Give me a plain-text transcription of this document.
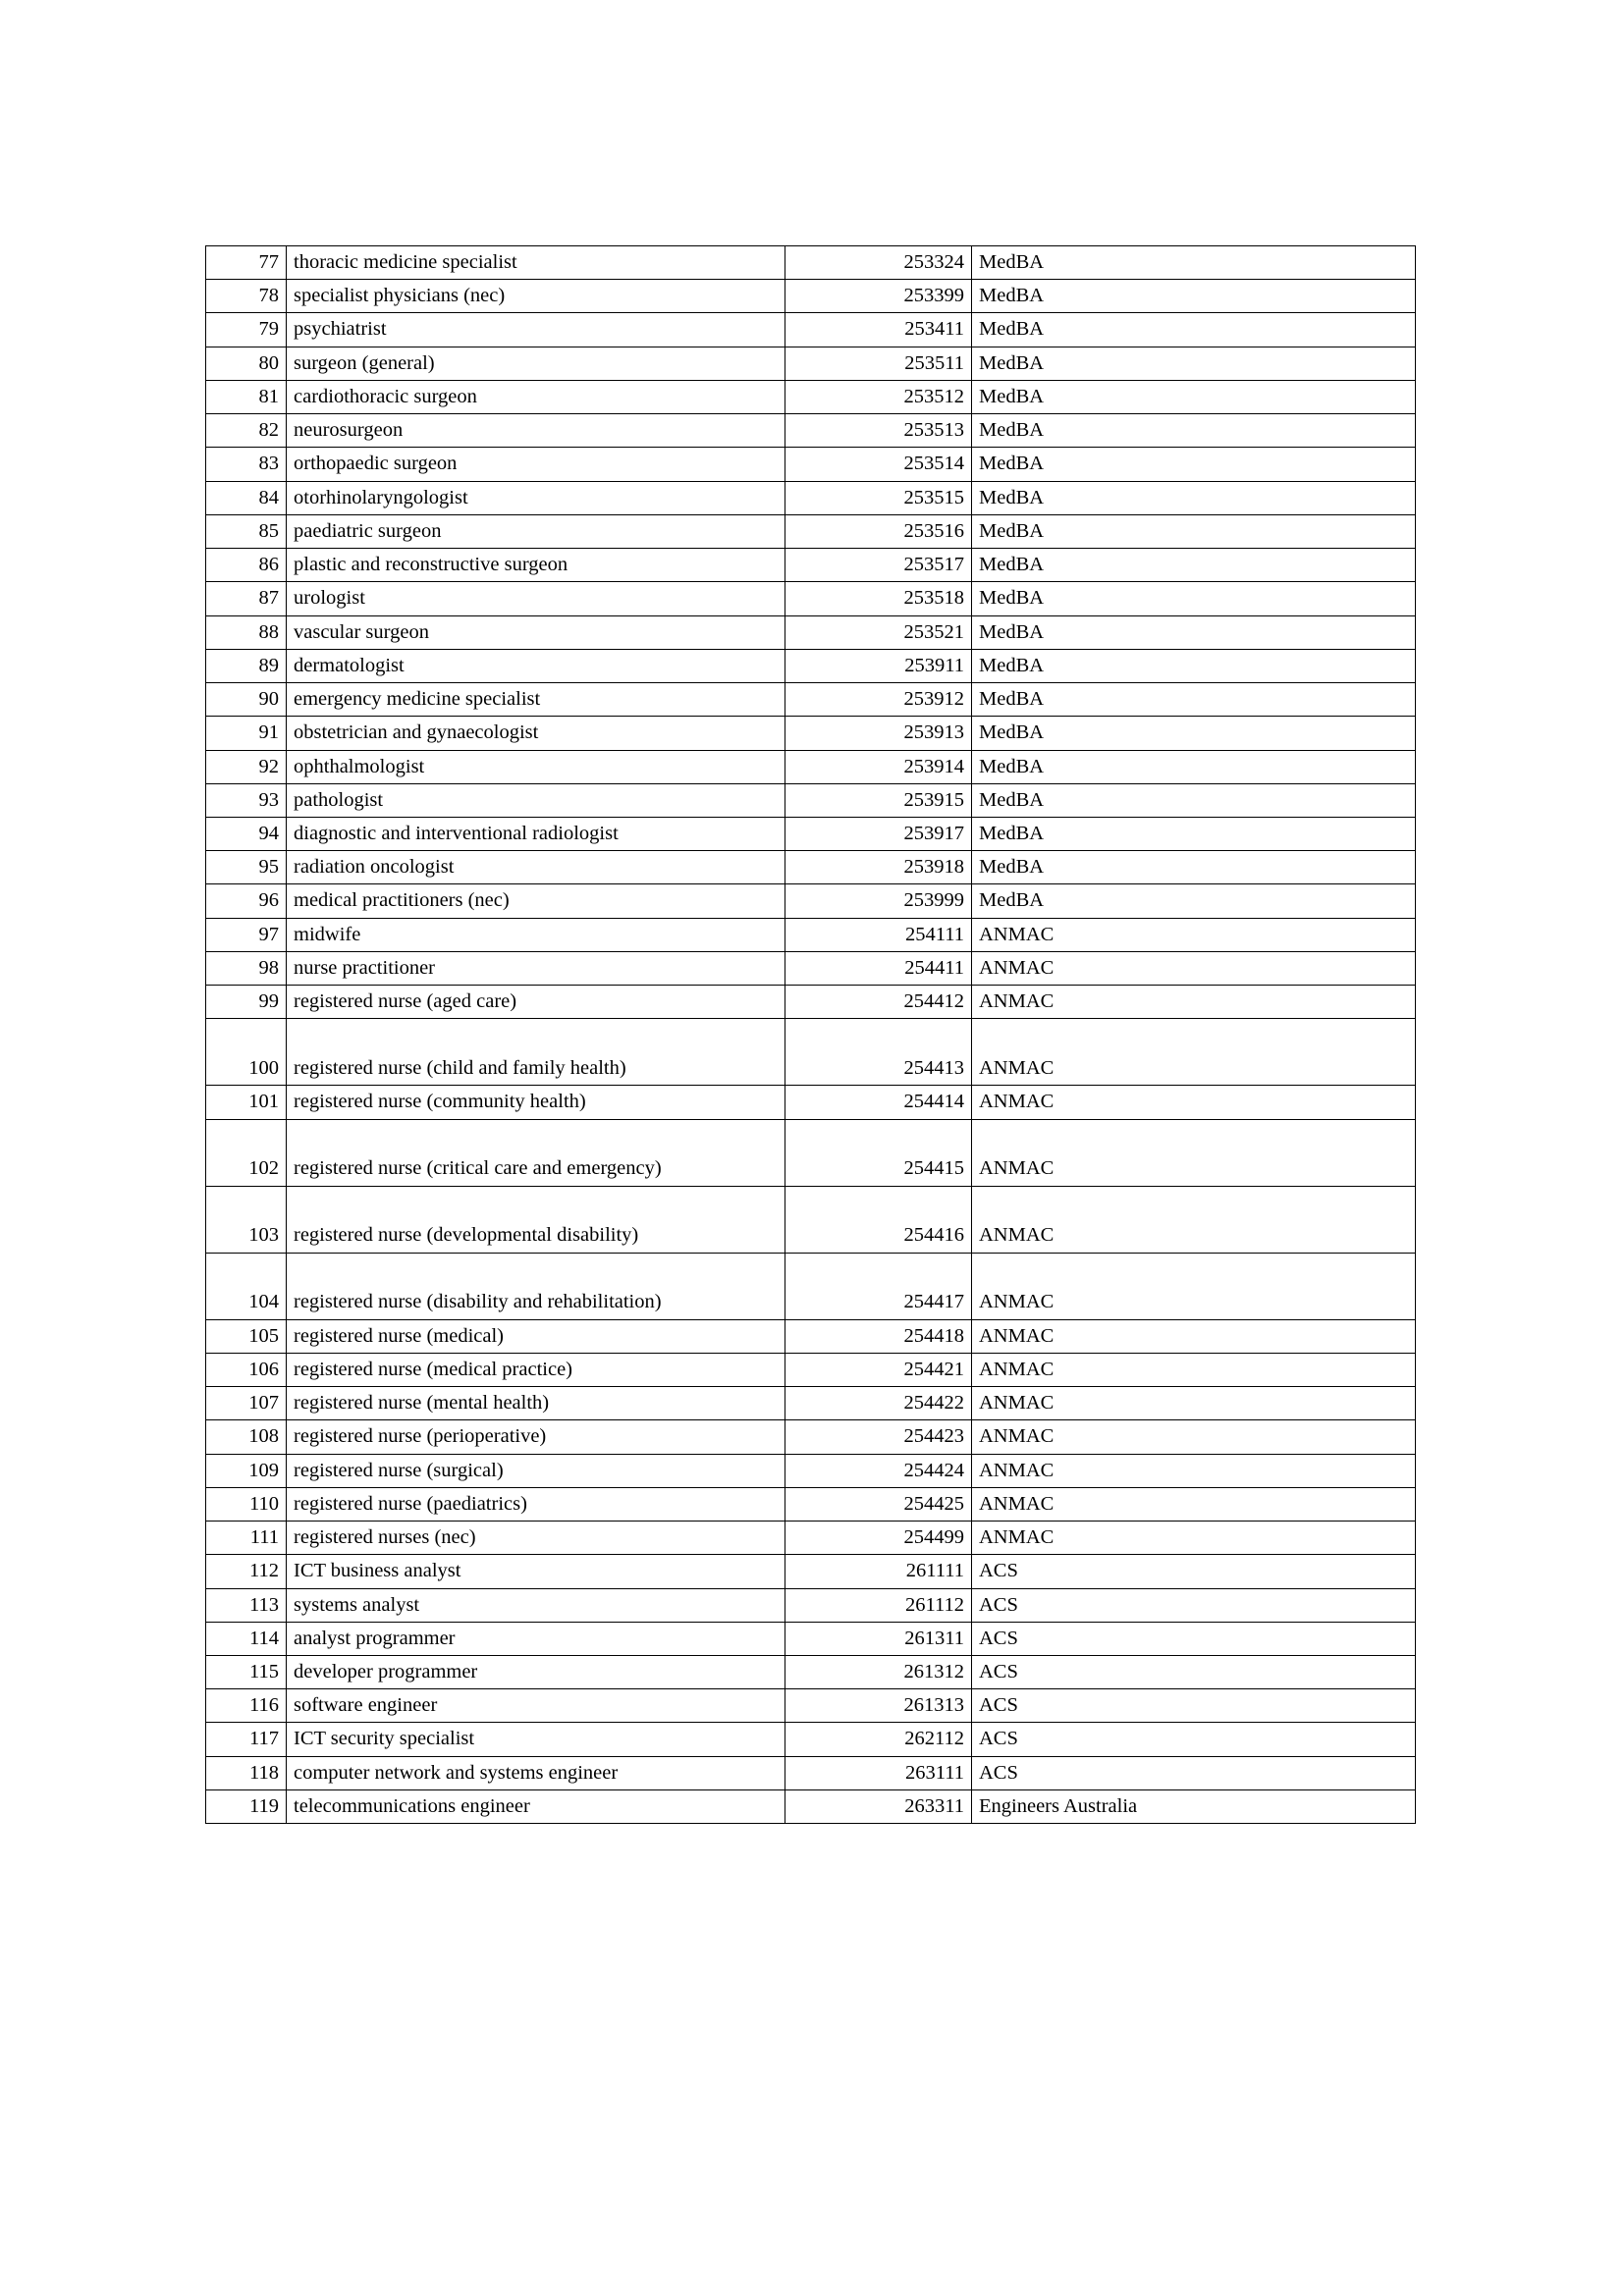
77	thoracic medicine specialist	253324	MedBA
78	specialist physicians (nec)	253399	MedBA
79	psychiatrist	253411	MedBA
80	surgeon (general)	253511	MedBA
81	cardiothoracic surgeon	253512	MedBA
82	neurosurgeon	253513	MedBA
83	orthopaedic surgeon	253514	MedBA
84	otorhinolaryngologist	253515	MedBA
85	paediatric surgeon	253516	MedBA
86	plastic and reconstructive surgeon	253517	MedBA
87	urologist	253518	MedBA
88	vascular surgeon	253521	MedBA
89	dermatologist	253911	MedBA
90	emergency medicine specialist	253912	MedBA
91	obstetrician and gynaecologist	253913	MedBA
92	ophthalmologist	253914	MedBA
93	pathologist	253915	MedBA
94	diagnostic and interventional radiologist	253917	MedBA
95	radiation oncologist	253918	MedBA
96	medical practitioners (nec)	253999	MedBA
97	midwife	254111	ANMAC
98	nurse practitioner	254411	ANMAC
99	registered nurse (aged care)	254412	ANMAC
100	registered nurse (child and family health)	254413	ANMAC
101	registered nurse (community health)	254414	ANMAC
102	registered nurse (critical care and emergency)	254415	ANMAC
103	registered nurse (developmental disability)	254416	ANMAC
104	registered nurse (disability and rehabilitation)	254417	ANMAC
105	registered nurse (medical)	254418	ANMAC
106	registered nurse (medical practice)	254421	ANMAC
107	registered nurse (mental health)	254422	ANMAC
108	registered nurse (perioperative)	254423	ANMAC
109	registered nurse (surgical)	254424	ANMAC
110	registered nurse (paediatrics)	254425	ANMAC
111	registered nurses (nec)	254499	ANMAC
112	ICT business analyst	261111	ACS
113	systems analyst	261112	ACS
114	analyst programmer	261311	ACS
115	developer programmer	261312	ACS
116	software engineer	261313	ACS
117	ICT security specialist	262112	ACS
118	computer network and systems engineer	263111	ACS
119	telecommunications engineer	263311	Engineers Australia
